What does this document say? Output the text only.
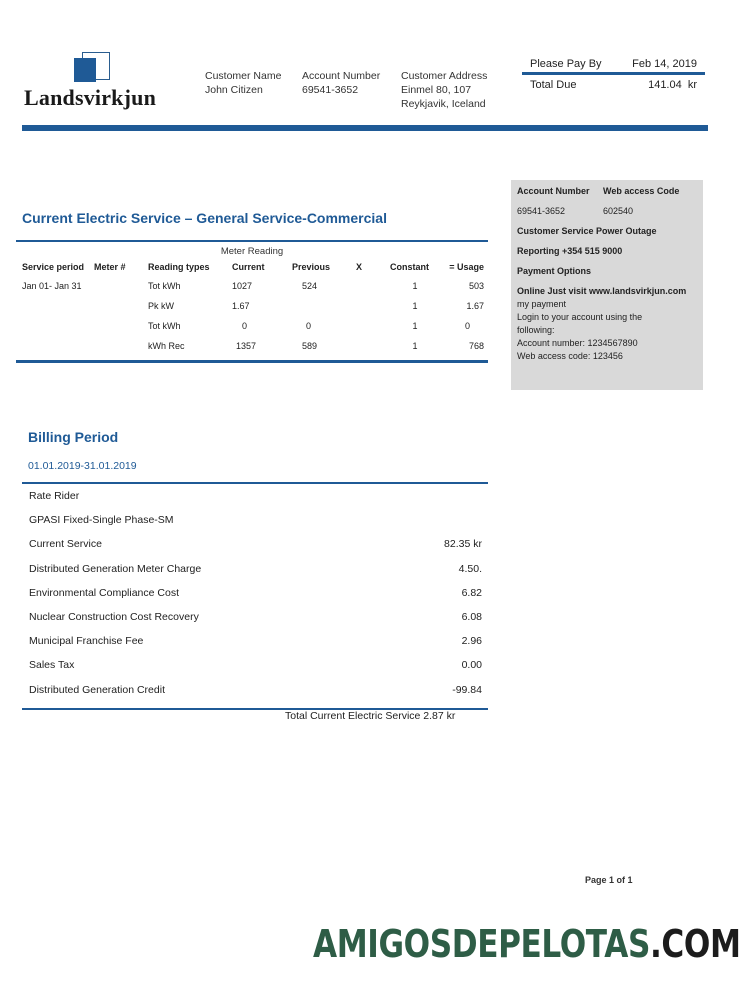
Landsvirkjun
Customer Name
John Citizen
Account Number
69541-3652
Customer Address
Einmel 80, 107
Reykjavik, Iceland
Please Pay By	Feb 14, 2019
Total Due	141.04  kr
Current Electric Service – General Service-Commercial
Meter Reading
Service period	Meter #	Reading types	Current	Previous	X	Constant	= Usage
Jan 01- Jan 31		Tot kWh	1027	524		1	503
		Pk kW	1.67			1	1.67
		Tot kWh	0	0		1	0
		kWh Rec	1357	589		1	768
Account Number	Web access Code
69541-3652	602540
Customer Service Power Outage
Reporting +354 515 9000
Payment Options
Online Just visit www.landsvirkjun.com
my payment
Login to your account using the
following:
Account number: 1234567890
Web access code: 123456
Billing Period
01.01.2019-31.01.2019
Rate Rider
GPASI Fixed-Single Phase-SM
Current Service	82.35 kr
Distributed Generation Meter Charge	4.50.
Environmental Compliance Cost	6.82
Nuclear Construction Cost Recovery	6.08
Municipal Franchise Fee	2.96
Sales Tax	0.00
Distributed Generation Credit	-99.84
Total Current Electric Service 2.87 kr
Page 1 of 1
AMIGOSDEPELOTAS.COM
